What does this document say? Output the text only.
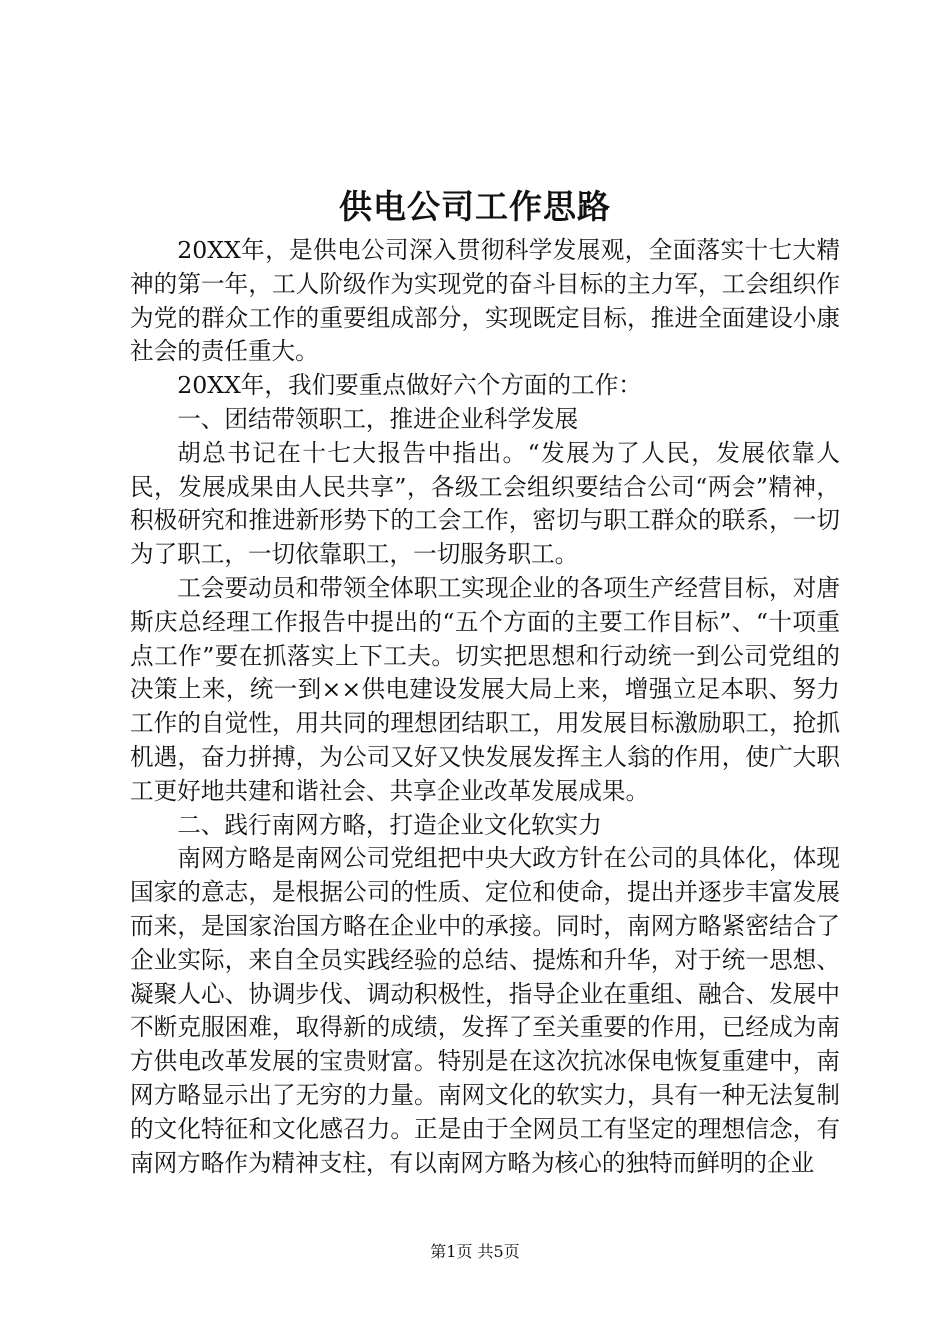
供电公司工作思路

20XX年，是供电公司深入贯彻科学发展观，全面落实十七大精神的第一年，工人阶级作为实现党的奋斗目标的主力军，工会组织作为党的群众工作的重要组成部分，实现既定目标，推进全面建设小康社会的责任重大。

20XX年，我们要重点做好六个方面的工作：

一、团结带领职工，推进企业科学发展

胡总书记在十七大报告中指出。“发展为了人民，发展依靠人民，发展成果由人民共享”，各级工会组织要结合公司“两会”精神，积极研究和推进新形势下的工会工作，密切与职工群众的联系，一切为了职工，一切依靠职工，一切服务职工。

工会要动员和带领全体职工实现企业的各项生产经营目标，对唐斯庆总经理工作报告中提出的“五个方面的主要工作目标”、“十项重点工作”要在抓落实上下工夫。切实把思想和行动统一到公司党组的决策上来，统一到××供电建设发展大局上来，增强立足本职、努力工作的自觉性，用共同的理想团结职工，用发展目标激励职工，抢抓机遇，奋力拼搏，为公司又好又快发展发挥主人翁的作用，使广大职工更好地共建和谐社会、共享企业改革发展成果。

二、践行南网方略，打造企业文化软实力

南网方略是南网公司党组把中央大政方针在公司的具体化，体现国家的意志，是根据公司的性质、定位和使命，提出并逐步丰富发展而来，是国家治国方略在企业中的承接。同时，南网方略紧密结合了企业实际，来自全员实践经验的总结、提炼和升华，对于统一思想、凝聚人心、协调步伐、调动积极性，指导企业在重组、融合、发展中不断克服困难，取得新的成绩，发挥了至关重要的作用，已经成为南方供电改革发展的宝贵财富。特别是在这次抗冰保电恢复重建中，南网方略显示出了无穷的力量。南网文化的软实力，具有一种无法复制的文化特征和文化感召力。正是由于全网员工有坚定的理想信念，有南网方略作为精神支柱，有以南网方略为核心的独特而鲜明的企业

第1页 共5页
